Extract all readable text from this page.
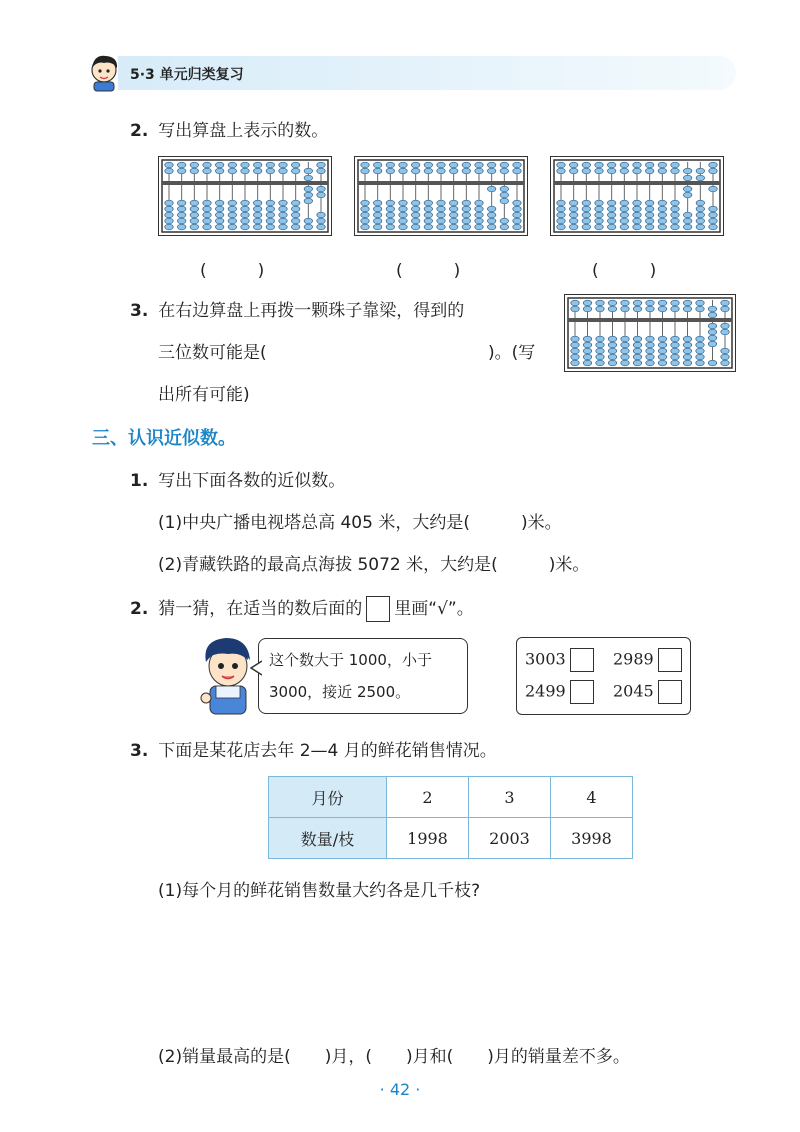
5·3 单元归类复习
2. 写出算盘上表示的数。
(　　　)	(　　　)	(　　　)
3. 在右边算盘上再拨一颗珠子靠梁，得到的
三位数可能是(	)。(写
出所有可能)
三、认识近似数。
1. 写出下面各数的近似数。
(1)中央广播电视塔总高 405 米，大约是(　　　)米。
(2)青藏铁路的最高点海拔 5072 米，大约是(　　　)米。
2. 猜一猜，在适当的数后面的 里画“√”。
这个数大于 1000，小于
3000，接近 2500。
3003	2989
2499	2045
3. 下面是某花店去年 2—4 月的鲜花销售情况。
月份	2	3	4
数量/枝	1998	2003	3998
(1)每个月的鲜花销售数量大约各是几千枝?
(2)销量最高的是(　　)月，(　　)月和(　　)月的销量差不多。
· 42 ·
